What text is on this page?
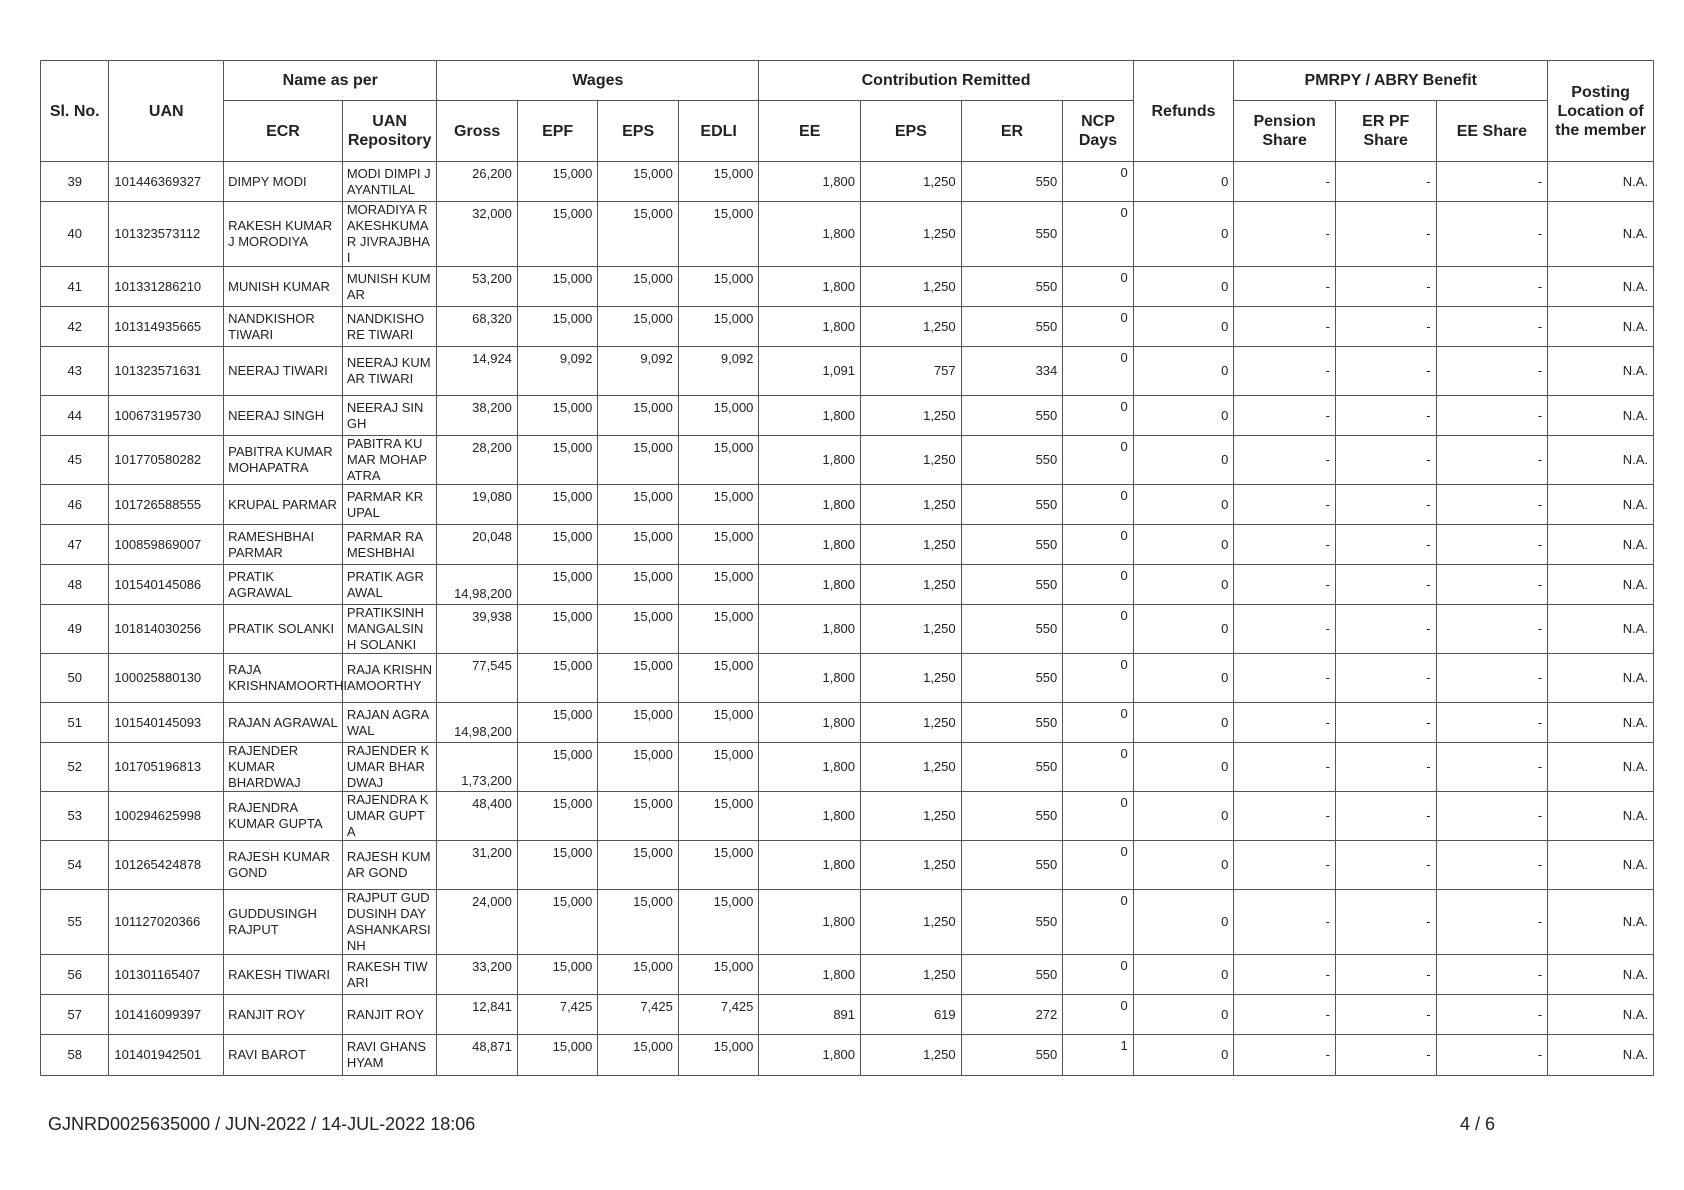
Sl. No.	UAN	Name as per		Wages				Contribution Remitted				Refunds	PMRPY / ABRY Benefit			Posting Location of the member
		ECR	UAN Repository	Gross	EPF	EPS	EDLI	EE	EPS	ER	NCP Days		Pension Share	ER PF Share	EE Share	
39	101446369327	DIMPY MODI	MODI DIMPI JAYANTILAL	26,200	15,000	15,000	15,000	1,800	1,250	550	0	0	-	-	-	N.A.
40	101323573112	RAKESH KUMAR J MORODIYA	MORADIYA RAKESHKUMAR JIVRAJBHAI	32,000	15,000	15,000	15,000	1,800	1,250	550	0	0	-	-	-	N.A.
41	101331286210	MUNISH KUMAR	MUNISH KUMAR	53,200	15,000	15,000	15,000	1,800	1,250	550	0	0	-	-	-	N.A.
42	101314935665	NANDKISHOR TIWARI	NANDKISHORE TIWARI	68,320	15,000	15,000	15,000	1,800	1,250	550	0	0	-	-	-	N.A.
43	101323571631	NEERAJ TIWARI	NEERAJ KUMAR TIWARI	14,924	9,092	9,092	9,092	1,091	757	334	0	0	-	-	-	N.A.
44	100673195730	NEERAJ SINGH	NEERAJ SINGH	38,200	15,000	15,000	15,000	1,800	1,250	550	0	0	-	-	-	N.A.
45	101770580282	PABITRA KUMAR MOHAPATRA	PABITRA KUMAR MOHAPATRA	28,200	15,000	15,000	15,000	1,800	1,250	550	0	0	-	-	-	N.A.
46	101726588555	KRUPAL PARMAR	PARMAR KRUPAL	19,080	15,000	15,000	15,000	1,800	1,250	550	0	0	-	-	-	N.A.
47	100859869007	RAMESHBHAI PARMAR	PARMAR RAMESHBHAI	20,048	15,000	15,000	15,000	1,800	1,250	550	0	0	-	-	-	N.A.
48	101540145086	PRATIK AGRAWAL	PRATIK AGRAWAL	14,98,200	15,000	15,000	15,000	1,800	1,250	550	0	0	-	-	-	N.A.
49	101814030256	PRATIK SOLANKI	PRATIKSINH MANGALSINH SOLANKI	39,938	15,000	15,000	15,000	1,800	1,250	550	0	0	-	-	-	N.A.
50	100025880130	RAJA KRISHNAMOORTHI	RAJA KRISHNAMOORTHY	77,545	15,000	15,000	15,000	1,800	1,250	550	0	0	-	-	-	N.A.
51	101540145093	RAJAN AGRAWAL	RAJAN AGRAWAL	14,98,200	15,000	15,000	15,000	1,800	1,250	550	0	0	-	-	-	N.A.
52	101705196813	RAJENDER KUMAR BHARDWAJ	RAJENDER KUMAR BHARDWAJ	1,73,200	15,000	15,000	15,000	1,800	1,250	550	0	0	-	-	-	N.A.
53	100294625998	RAJENDRA KUMAR GUPTA	RAJENDRA KUMAR GUPTA	48,400	15,000	15,000	15,000	1,800	1,250	550	0	0	-	-	-	N.A.
54	101265424878	RAJESH KUMAR GOND	RAJESH KUMAR GOND	31,200	15,000	15,000	15,000	1,800	1,250	550	0	0	-	-	-	N.A.
55	101127020366	GUDDUSINGH RAJPUT	RAJPUT GUDDUSINH DAYASHANKARSINH	24,000	15,000	15,000	15,000	1,800	1,250	550	0	0	-	-	-	N.A.
56	101301165407	RAKESH TIWARI	RAKESH TIWARI	33,200	15,000	15,000	15,000	1,800	1,250	550	0	0	-	-	-	N.A.
57	101416099397	RANJIT ROY	RANJIT ROY	12,841	7,425	7,425	7,425	891	619	272	0	0	-	-	-	N.A.
58	101401942501	RAVI BAROT	RAVI GHANSHYAM	48,871	15,000	15,000	15,000	1,800	1,250	550	1	0	-	-	-	N.A.
GJNRD0025635000 / JUN-2022 / 14-JUL-2022 18:06	4 / 6
